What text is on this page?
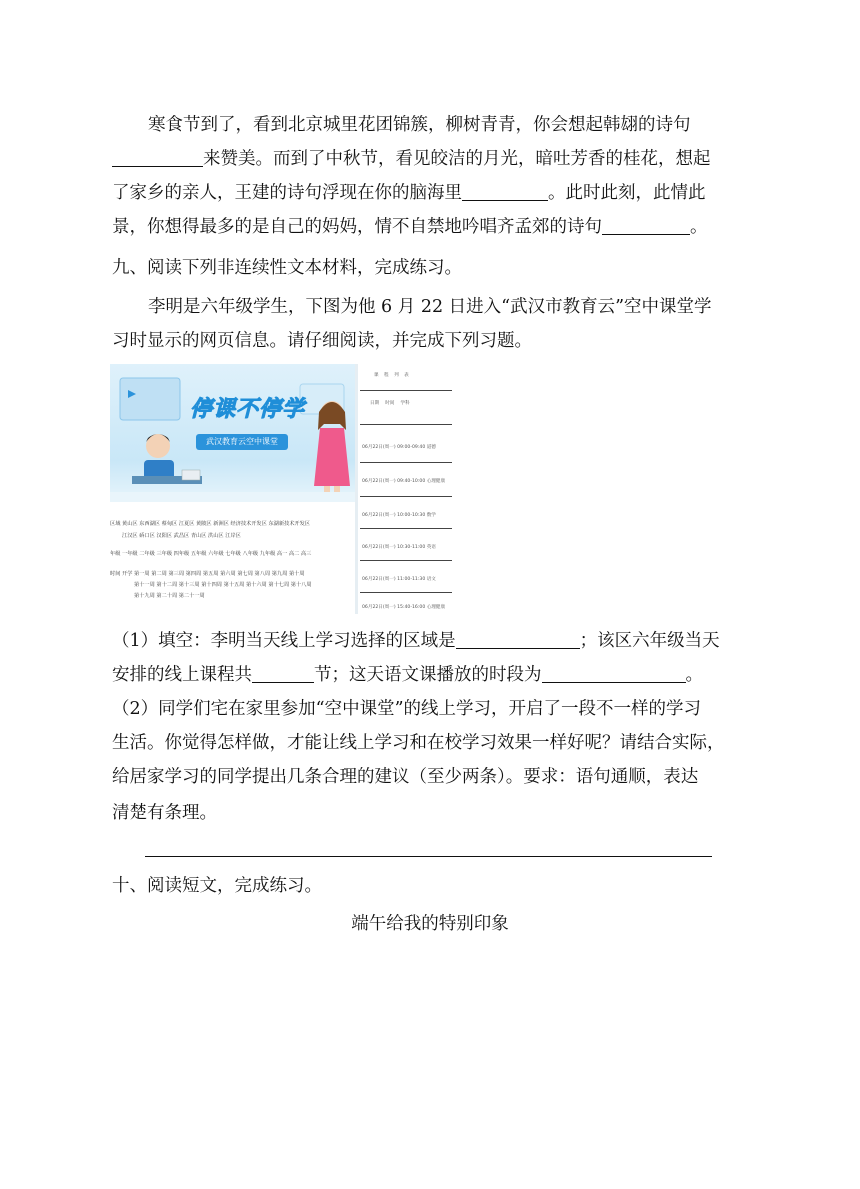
寒食节到了，看到北京城里花团锦簇，柳树青青，你会想起韩翃的诗句
来赞美。而到了中秋节，看见皎洁的月光，暗吐芳香的桂花，想起
了家乡的亲人，王建的诗句浮现在你的脑海里	。此时此刻，此情此
景，你想得最多的是自己的妈妈，情不自禁地吟唱齐孟郊的诗句	。
九、阅读下列非连续性文本材料，完成练习。
李明是六年级学生，下图为他 6 月 22 日进入“武汉市教育云”空中课堂学
习时显示的网页信息。请仔细阅读，并完成下列习题。
停课不停学
武汉教育云空中课堂
课 程 列 表
日期　 时间　 学科
06月22日(周一) 09:00-09:40 道德
06月22日(周一) 09:40-10:00 心理健康
06月22日(周一) 10:00-10:30 数学
06月22日(周一) 10:30-11:00 英语
06月22日(周一) 11:00-11:30 语文
06月22日(周一) 15:40-16:00 心理健康
区域 黄山区 东西湖区 蔡甸区 江夏区 黄陂区 新洲区 经济技术开发区 东湖新技术开发区
江汉区 硚口区 汉阳区 武昌区 青山区 洪山区 江岸区
年级 一年级 二年级 三年级 四年级 五年级 六年级 七年级 八年级 九年级 高一 高二 高三
时间 开学 第一周 第二周 第三周 第四周 第五周 第六周 第七周 第八周 第九周 第十周
第十一周 第十二周 第十三周 第十四周 第十五周 第十六周 第十七周 第十八周
第十九周 第二十周 第二十一周
（1）填空：李明当天线上学习选择的区域是	；该区六年级当天
安排的线上课程共	节；这天语文课播放的时段为	。
（2）同学们宅在家里参加“空中课堂”的线上学习，开启了一段不一样的学习
生活。你觉得怎样做，才能让线上学习和在校学习效果一样好呢？请结合实际，
给居家学习的同学提出几条合理的建议（至少两条）。要求：语句通顺，表达
清楚有条理。
十、阅读短文，完成练习。
端午给我的特别印象
